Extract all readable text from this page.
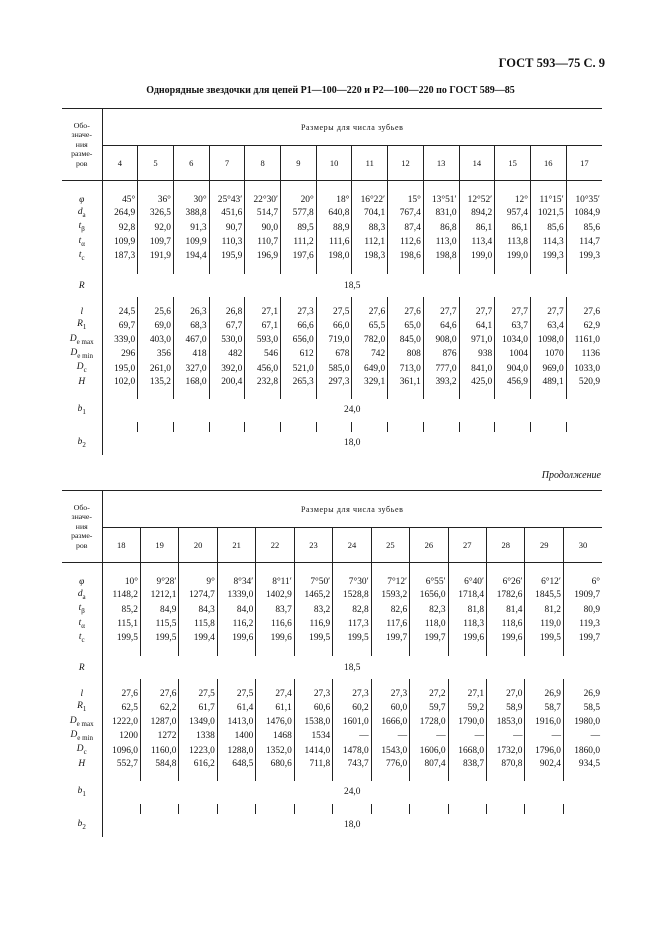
ГОСТ 593—75 С. 9
Однорядные звездочки для цепей Р1—100—220 и Р2—100—220 по ГОСТ 589—85
Продолжение
Обо-
значе-
ния
разме-
ров	Размеры для числа зубьев													
	4	5	6	7	8	9	10	11	12	13	14	15	16	17

φ	45°	36°	30°	25°43′	22°30′	20°	18°	16°22′	15°	13°51′	12°52′	12°	11°15′	10°35′
$d_a$	264,9	326,5	388,8	451,6	514,7	577,8	640,8	704,1	767,4	831,0	894,2	957,4	1021,5	1084,9
$t_\beta$	92,8	92,0	91,3	90,7	90,0	89,5	88,9	88,3	87,4	86,8	86,1	86,1	85,6	85,6
$t_\alpha$	109,9	109,7	109,9	110,3	110,7	111,2	111,6	112,1	112,6	113,0	113,4	113,8	114,3	114,7
$t_c$	187,3	191,9	194,4	195,9	196,9	197,6	198,0	198,3	198,6	198,8	199,0	199,0	199,3	199,3

R	18,5													

l	24,5	25,6	26,3	26,8	27,1	27,3	27,5	27,6	27,6	27,7	27,7	27,7	27,7	27,6
$R_1$	69,7	69,0	68,3	67,7	67,1	66,6	66,0	65,5	65,0	64,6	64,1	63,7	63,4	62,9
$D_{e max}$	339,0	403,0	467,0	530,0	593,0	656,0	719,0	782,0	845,0	908,0	971,0	1034,0	1098,0	1161,0
$D_{e min}$	296	356	418	482	546	612	678	742	808	876	938	1004	1070	1136
$D_c$	195,0	261,0	327,0	392,0	456,0	521,0	585,0	649,0	713,0	777,0	841,0	904,0	969,0	1033,0
H	102,0	135,2	168,0	200,4	232,8	265,3	297,3	329,1	361,1	393,2	425,0	456,9	489,1	520,9

$b_1$	24,0													

$b_2$	18,0													
Обо-
значе-
ния
разме-
ров	Размеры для числа зубьев												
	18	19	20	21	22	23	24	25	26	27	28	29	30

φ	10°	9°28′	9°	8°34′	8°11′	7°50′	7°30′	7°12′	6°55′	6°40′	6°26′	6°12′	6°
$d_a$	1148,2	1212,1	1274,7	1339,0	1402,9	1465,2	1528,8	1593,2	1656,0	1718,4	1782,6	1845,5	1909,7
$t_\beta$	85,2	84,9	84,3	84,0	83,7	83,2	82,8	82,6	82,3	81,8	81,4	81,2	80,9
$t_\alpha$	115,1	115,5	115,8	116,2	116,6	116,9	117,3	117,6	118,0	118,3	118,6	119,0	119,3
$t_c$	199,5	199,5	199,4	199,6	199,6	199,5	199,5	199,7	199,7	199,6	199,6	199,5	199,7

R	18,5												

l	27,6	27,6	27,5	27,5	27,4	27,3	27,3	27,3	27,2	27,1	27,0	26,9	26,9
$R_1$	62,5	62,2	61,7	61,4	61,1	60,6	60,2	60,0	59,7	59,2	58,9	58,7	58,5
$D_{e max}$	1222,0	1287,0	1349,0	1413,0	1476,0	1538,0	1601,0	1666,0	1728,0	1790,0	1853,0	1916,0	1980,0
$D_{e min}$	1200	1272	1338	1400	1468	1534	—	—	—	—	—	—	—
$D_c$	1096,0	1160,0	1223,0	1288,0	1352,0	1414,0	1478,0	1543,0	1606,0	1668,0	1732,0	1796,0	1860,0
H	552,7	584,8	616,2	648,5	680,6	711,8	743,7	776,0	807,4	838,7	870,8	902,4	934,5

$b_1$	24,0												

$b_2$	18,0												
